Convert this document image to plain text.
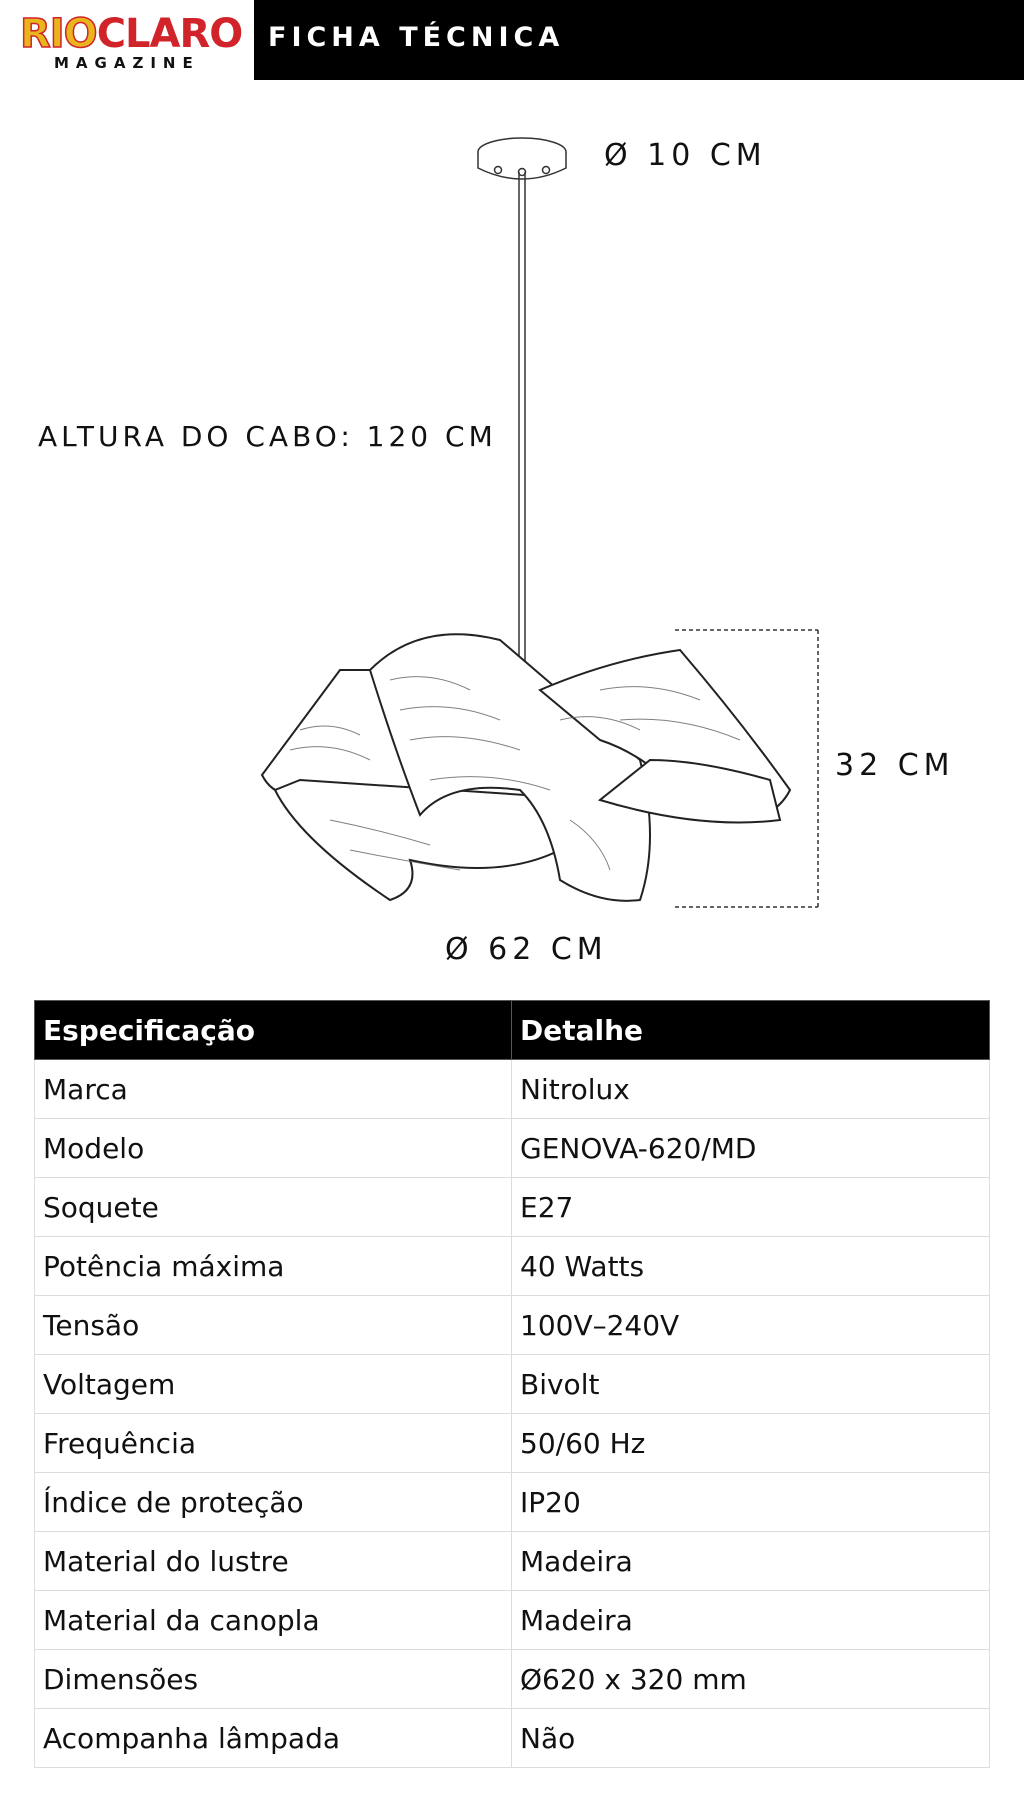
RIOCLARO
MAGAZINE
FICHA TÉCNICA
Ø 10 CM
ALTURA DO CABO: 120 CM
32 CM
Ø 62 CM
Especificação	Detalhe
Marca	Nitrolux
Modelo	GENOVA-620/MD
Soquete	E27
Potência máxima	40 Watts
Tensão	100V–240V
Voltagem	Bivolt
Frequência	50/60 Hz
Índice de proteção	IP20
Material do lustre	Madeira
Material da canopla	Madeira
Dimensões	Ø620 x 320 mm
Acompanha lâmpada	Não
